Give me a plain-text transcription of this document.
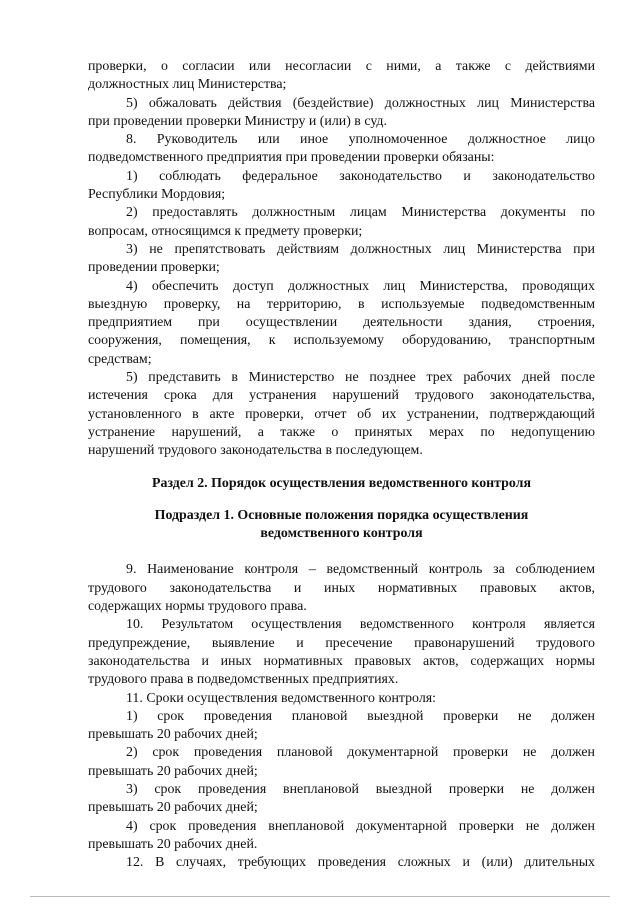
проверки, о согласии или несогласии с ними, а также с действиями
должностных лиц Министерства;
5) обжаловать действия (бездействие) должностных лиц Министерства
при проведении проверки Министру и (или) в суд.
8. Руководитель или иное уполномоченное должностное лицо
подведомственного предприятия при проведении проверки обязаны:
1) соблюдать федеральное законодательство и законодательство
Республики Мордовия;
2) предоставлять должностным лицам Министерства документы по
вопросам, относящимся к предмету проверки;
3) не препятствовать действиям должностных лиц Министерства при
проведении проверки;
4) обеспечить доступ должностных лиц Министерства, проводящих
выездную проверку, на территорию, в используемые подведомственным
предприятием при осуществлении деятельности здания, строения,
сооружения, помещения, к используемому оборудованию, транспортным
средствам;
5) представить в Министерство не позднее трех рабочих дней после
истечения срока для устранения нарушений трудового законодательства,
установленного в акте проверки, отчет об их устранении, подтверждающий
устранение нарушений, а также о принятых мерах по недопущению
нарушений трудового законодательства в последующем.
Раздел 2. Порядок осуществления ведомственного контроля
Подраздел 1. Основные положения порядка осуществления
ведомственного контроля
9. Наименование контроля – ведомственный контроль за соблюдением
трудового законодательства и иных нормативных правовых актов,
содержащих нормы трудового права.
10. Результатом осуществления ведомственного контроля является
предупреждение, выявление и пресечение правонарушений трудового
законодательства и иных нормативных правовых актов, содержащих нормы
трудового права в подведомственных предприятиях.
11. Сроки осуществления ведомственного контроля:
1) срок проведения плановой выездной проверки не должен
превышать 20 рабочих дней;
2) срок проведения плановой документарной проверки не должен
превышать 20 рабочих дней;
3) срок проведения внеплановой выездной проверки не должен
превышать 20 рабочих дней;
4) срок проведения внеплановой документарной проверки не должен
превышать 20 рабочих дней.
12. В случаях, требующих проведения сложных и (или) длительных
